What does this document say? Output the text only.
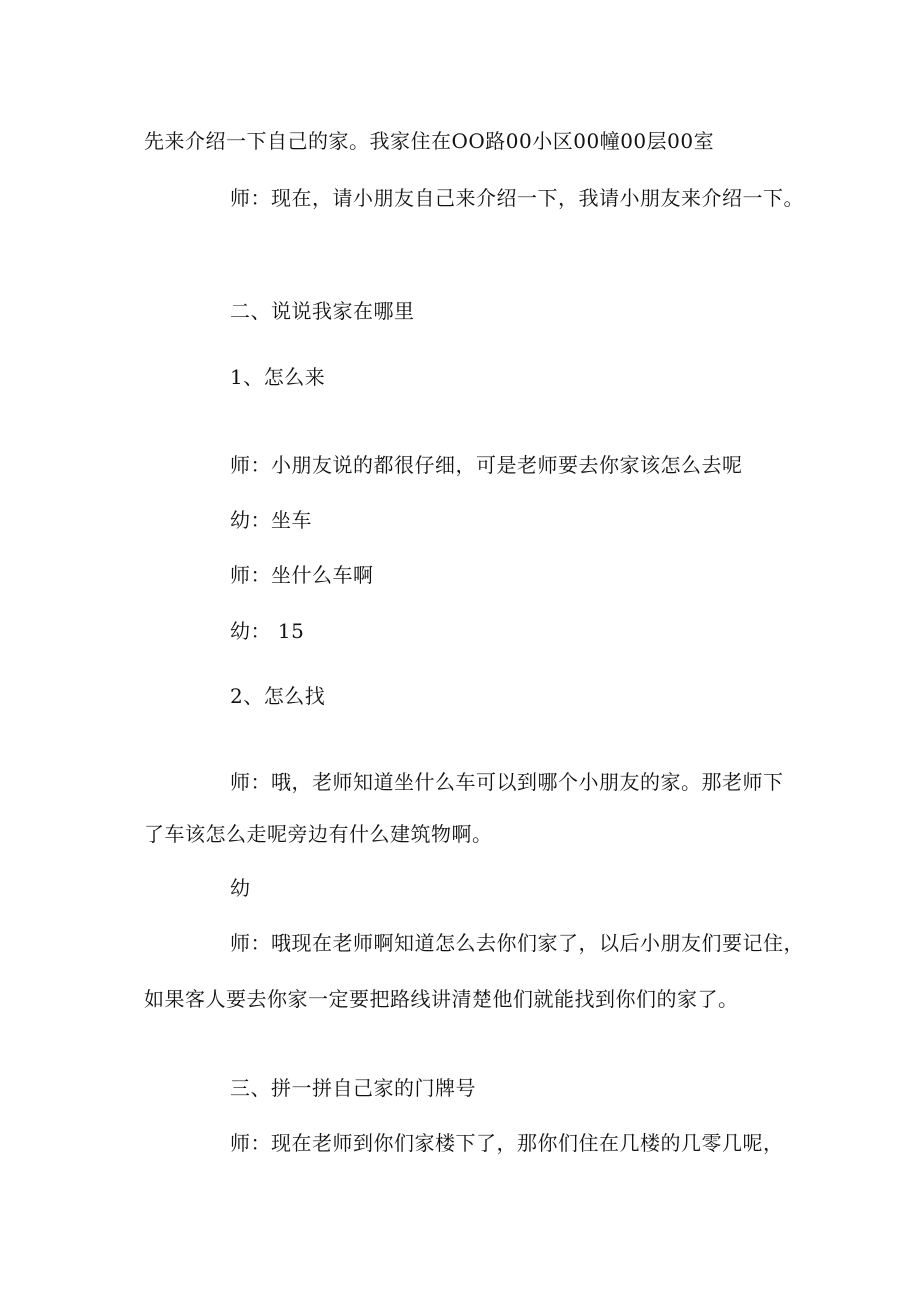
先来介绍一下自己的家。我家住在OO路00小区00幢00层00室
师：现在，请小朋友自己来介绍一下，我请小朋友来介绍一下。
二、说说我家在哪里
1、怎么来
师：小朋友说的都很仔细，可是老师要去你家该怎么去呢
幼：坐车
师：坐什么车啊
幼： 15
2、怎么找
师：哦，老师知道坐什么车可以到哪个小朋友的家。那老师下
了车该怎么走呢旁边有什么建筑物啊。
幼
师：哦现在老师啊知道怎么去你们家了，以后小朋友们要记住，
如果客人要去你家一定要把路线讲清楚他们就能找到你们的家了。
三、拼一拼自己家的门牌号
师：现在老师到你们家楼下了，那你们住在几楼的几零几呢，
